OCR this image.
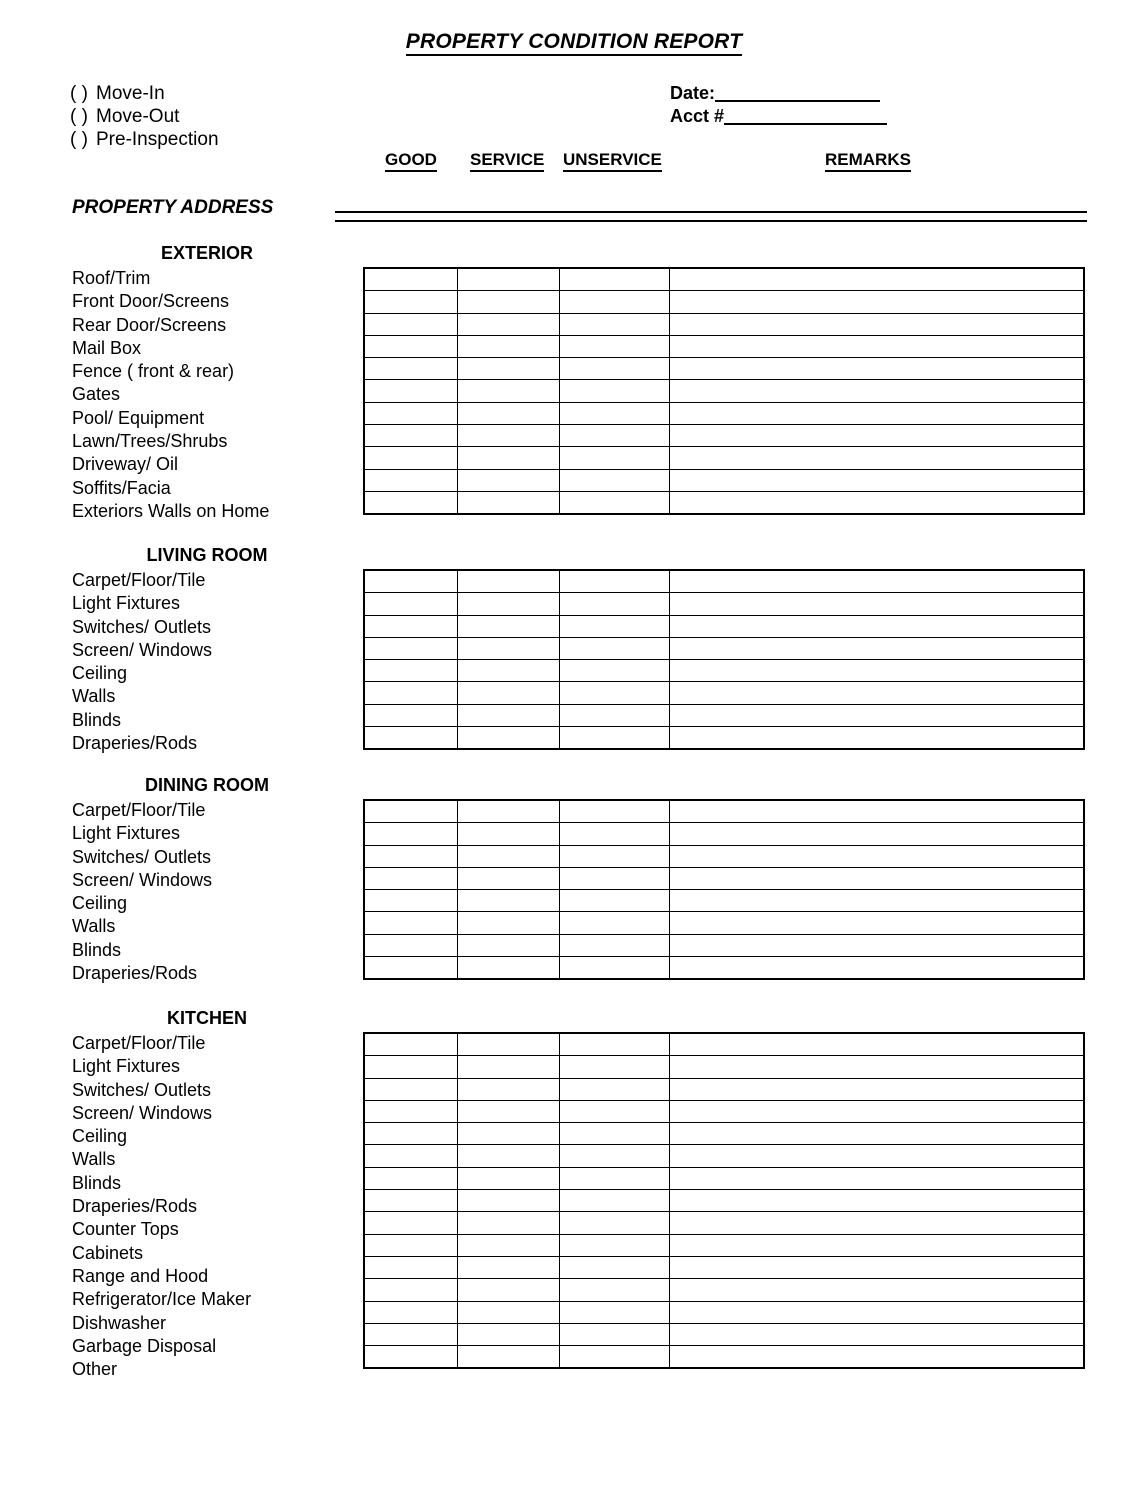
PROPERTY CONDITION REPORT
( ) Move-In
( ) Move-Out
( ) Pre-Inspection
Date:
Acct #
GOOD SERVICE UNSERVICE	REMARKS
PROPERTY ADDRESS
EXTERIOR
Roof/Trim
Front Door/Screens
Rear Door/Screens
Mail Box
Fence ( front & rear)
Gates
Pool/ Equipment
Lawn/Trees/Shrubs
Driveway/ Oil
Soffits/Facia
Exteriors Walls on Home

LIVING ROOM
Carpet/Floor/Tile
Light Fixtures
Switches/ Outlets
Screen/ Windows
Ceiling
Walls
Blinds
Draperies/Rods

DINING ROOM
Carpet/Floor/Tile
Light Fixtures
Switches/ Outlets
Screen/ Windows
Ceiling
Walls
Blinds
Draperies/Rods

KITCHEN
Carpet/Floor/Tile
Light Fixtures
Switches/ Outlets
Screen/ Windows
Ceiling
Walls
Blinds
Draperies/Rods
Counter Tops
Cabinets
Range and Hood
Refrigerator/Ice Maker
Dishwasher
Garbage Disposal
Other
